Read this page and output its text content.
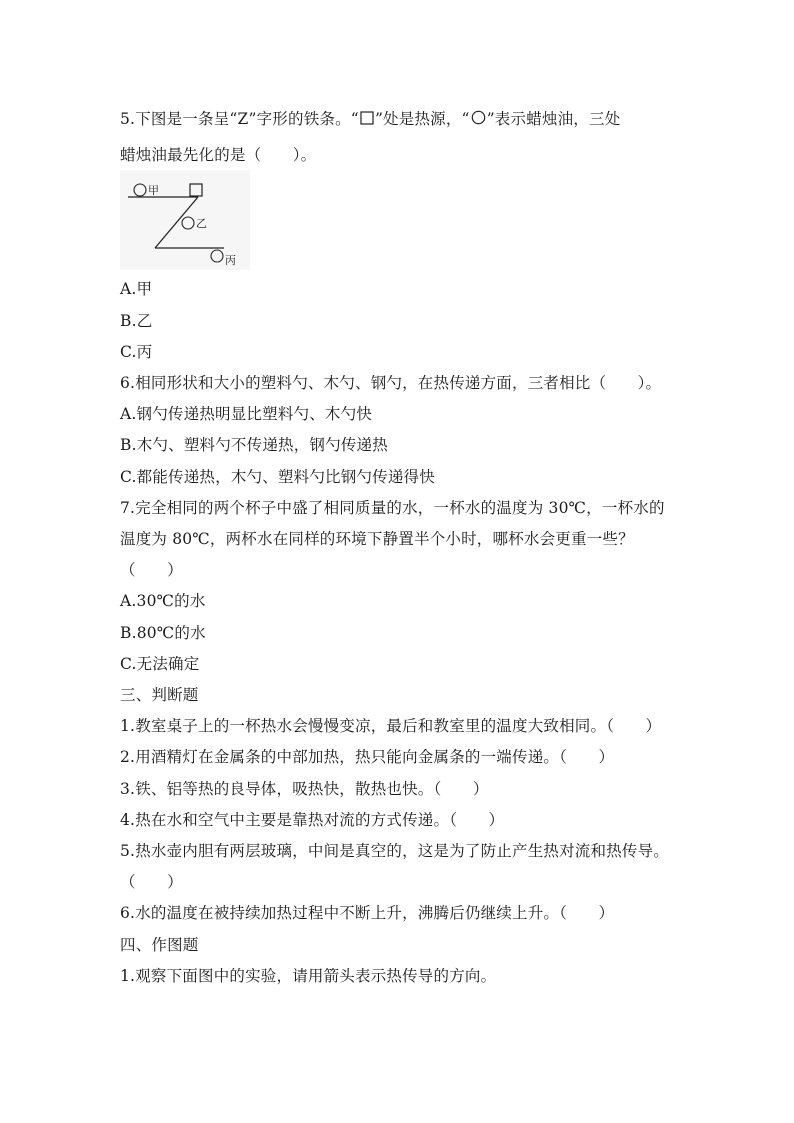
5.下图是一条呈“Z”字形的铁条。“ ”处是热源，“ ”表示蜡烛油，三处
蜡烛油最先化的是（　　）。
甲
乙
丙
A.甲
B.乙
C.丙
6.相同形状和大小的塑料勺、木勺、钢勺，在热传递方面，三者相比（　　）。
A.钢勺传递热明显比塑料勺、木勺快
B.木勺、塑料勺不传递热，钢勺传递热
C.都能传递热，木勺、塑料勺比钢勺传递得快
7.完全相同的两个杯子中盛了相同质量的水，一杯水的温度为 30℃，一杯水的
温度为 80℃，两杯水在同样的环境下静置半个小时，哪杯水会更重一些？
（　　）
A.30℃的水
B.80℃的水
C.无法确定
三、判断题
1.教室桌子上的一杯热水会慢慢变凉，最后和教室里的温度大致相同。（　　）
2.用酒精灯在金属条的中部加热，热只能向金属条的一端传递。（　　）
3.铁、铝等热的良导体，吸热快，散热也快。（　　）
4.热在水和空气中主要是靠热对流的方式传递。（　　）
5.热水壶内胆有两层玻璃，中间是真空的，这是为了防止产生热对流和热传导。
（　　）
6.水的温度在被持续加热过程中不断上升，沸腾后仍继续上升。（　　）
四、作图题
1.观察下面图中的实验，请用箭头表示热传导的方向。
